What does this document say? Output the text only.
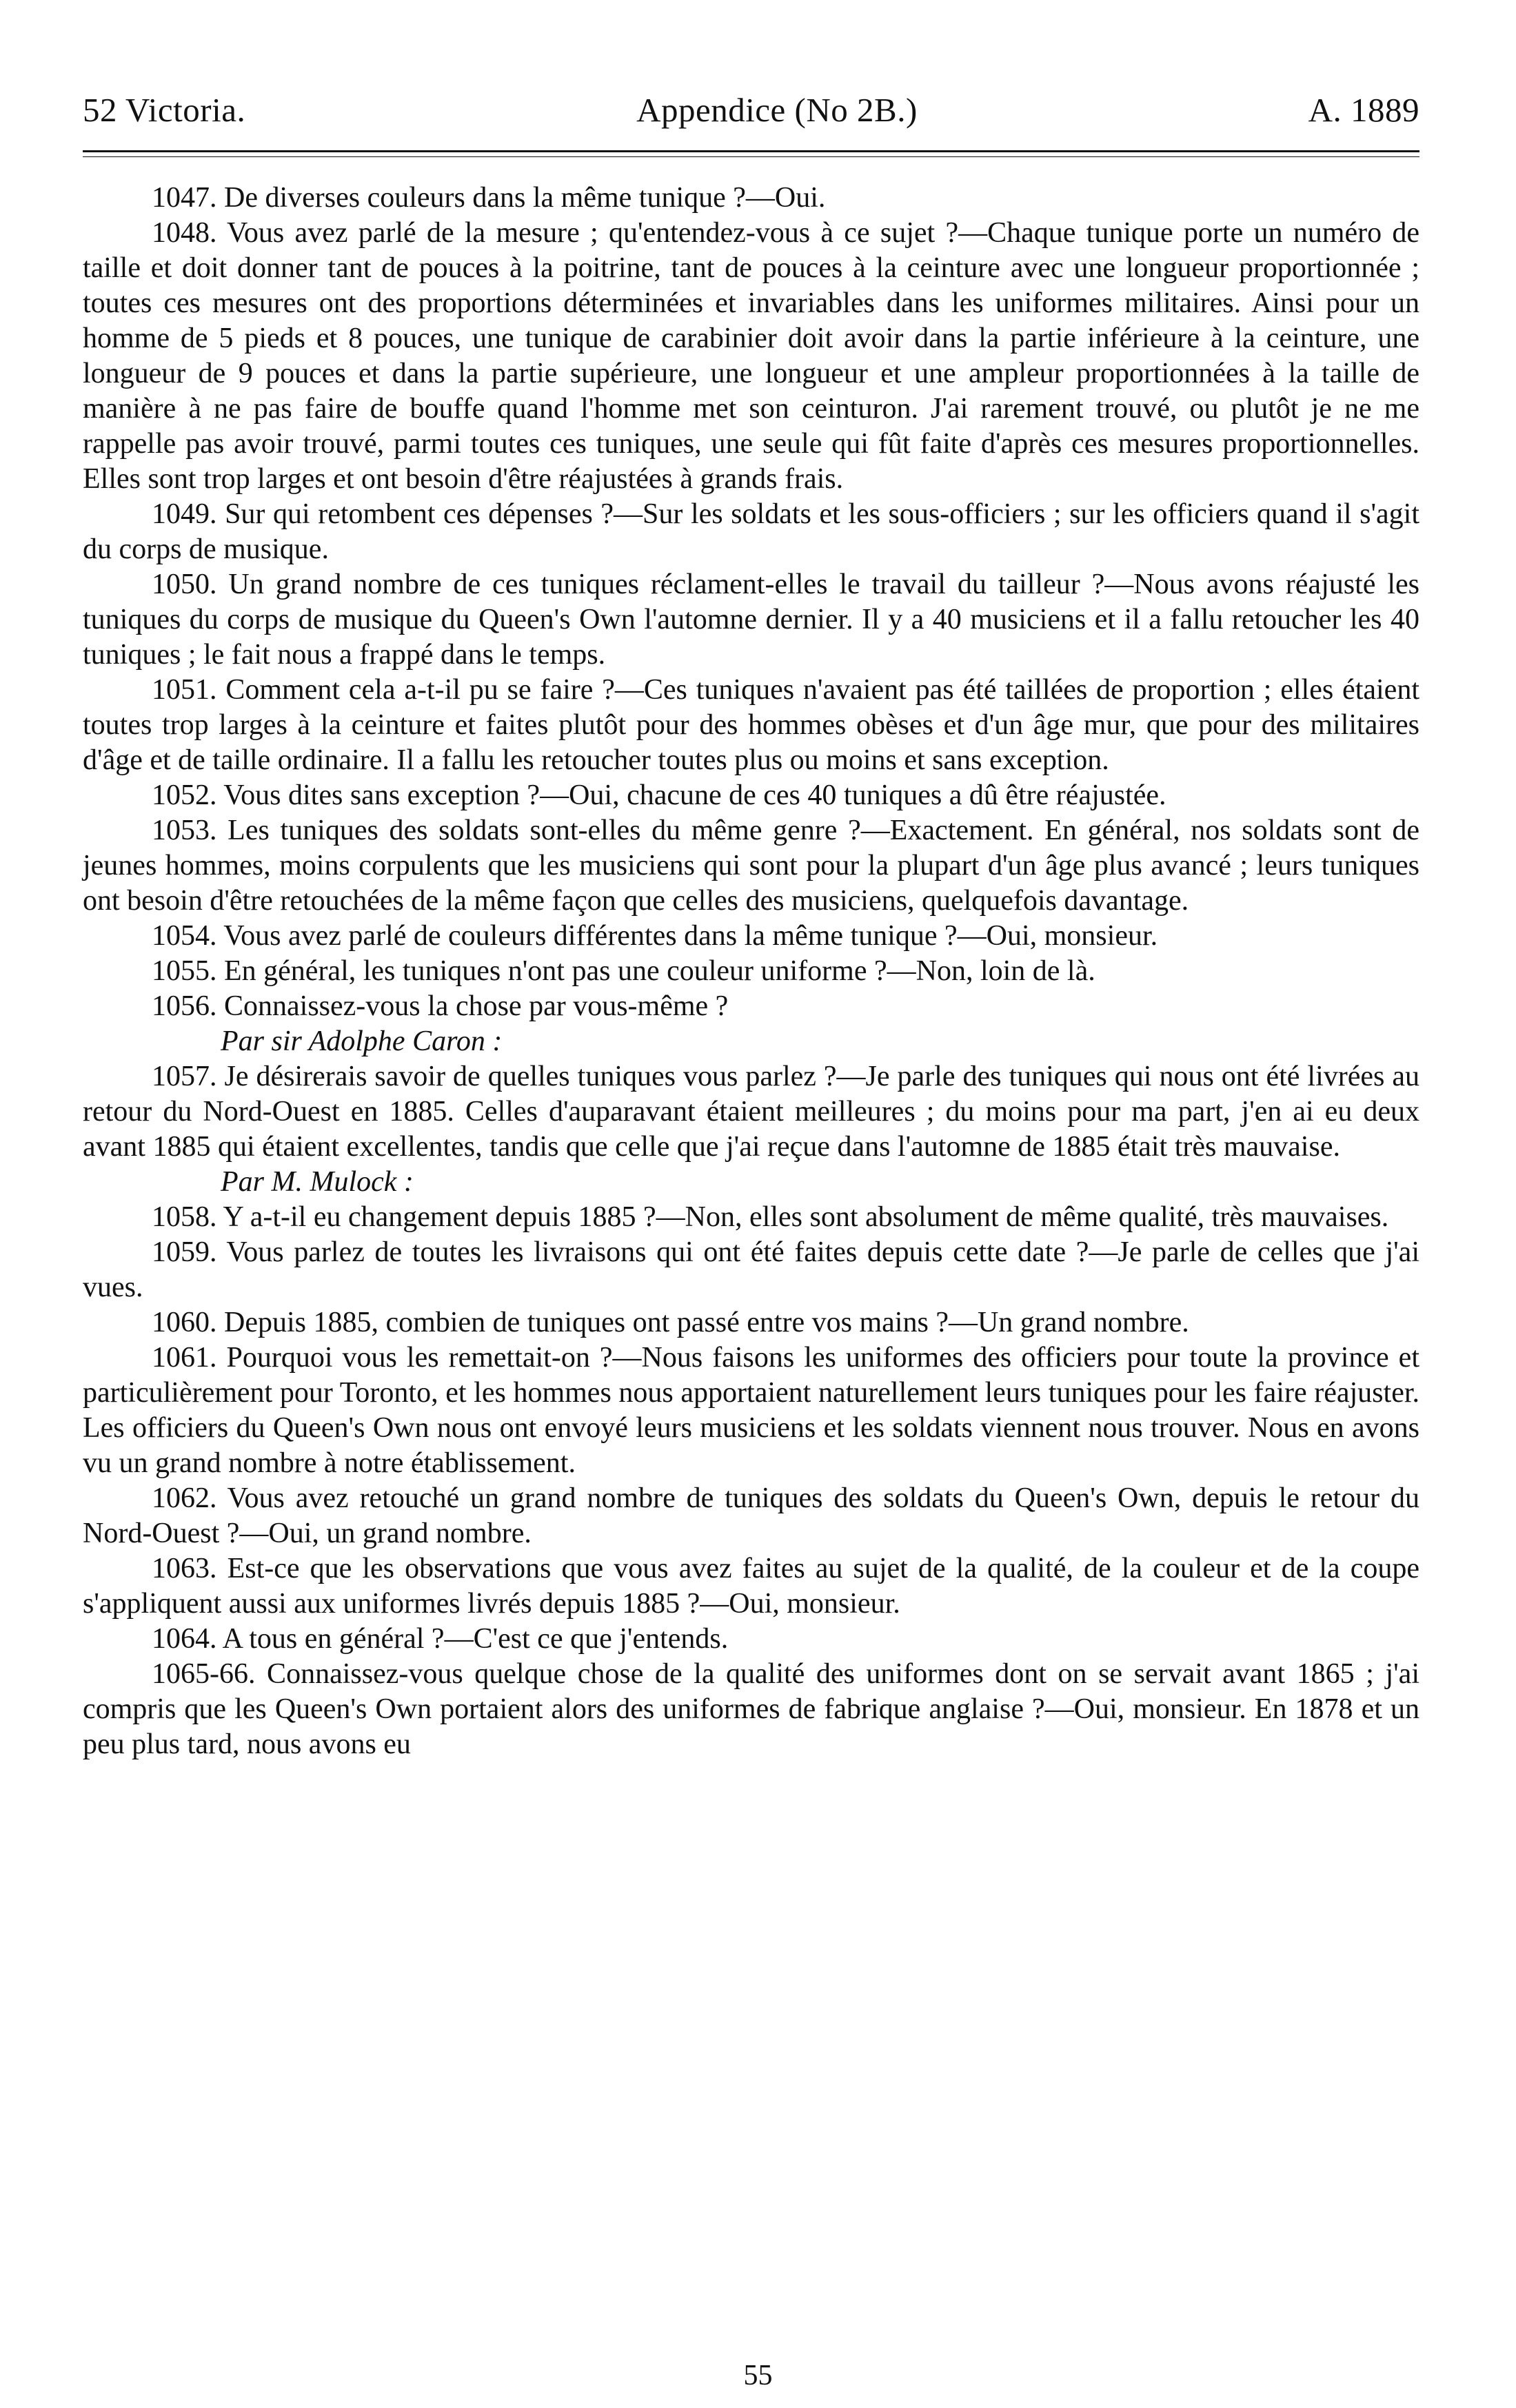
52 Victoria.	Appendice (No 2B.)	A. 1889

1047. De diverses couleurs dans la même tunique ?—Oui.

1048. Vous avez parlé de la mesure ; qu'entendez-vous à ce sujet ?—Chaque tunique porte un numéro de taille et doit donner tant de pouces à la poitrine, tant de pouces à la ceinture avec une longueur proportionnée ; toutes ces mesures ont des proportions déterminées et invariables dans les uniformes militaires. Ainsi pour un homme de 5 pieds et 8 pouces, une tunique de carabinier doit avoir dans la partie inférieure à la ceinture, une longueur de 9 pouces et dans la partie supérieure, une longueur et une ampleur proportionnées à la taille de manière à ne pas faire de bouffe quand l'homme met son ceinturon. J'ai rarement trouvé, ou plutôt je ne me rappelle pas avoir trouvé, parmi toutes ces tuniques, une seule qui fût faite d'après ces mesures proportionnelles. Elles sont trop larges et ont besoin d'être réajustées à grands frais.

1049. Sur qui retombent ces dépenses ?—Sur les soldats et les sous-officiers ; sur les officiers quand il s'agit du corps de musique.

1050. Un grand nombre de ces tuniques réclament-elles le travail du tailleur ?—Nous avons réajusté les tuniques du corps de musique du Queen's Own l'automne dernier. Il y a 40 musiciens et il a fallu retoucher les 40 tuniques ; le fait nous a frappé dans le temps.

1051. Comment cela a-t-il pu se faire ?—Ces tuniques n'avaient pas été taillées de proportion ; elles étaient toutes trop larges à la ceinture et faites plutôt pour des hommes obèses et d'un âge mur, que pour des militaires d'âge et de taille ordinaire. Il a fallu les retoucher toutes plus ou moins et sans exception.

1052. Vous dites sans exception ?—Oui, chacune de ces 40 tuniques a dû être réajustée.

1053. Les tuniques des soldats sont-elles du même genre ?—Exactement. En général, nos soldats sont de jeunes hommes, moins corpulents que les musiciens qui sont pour la plupart d'un âge plus avancé ; leurs tuniques ont besoin d'être retouchées de la même façon que celles des musiciens, quelquefois davantage.

1054. Vous avez parlé de couleurs différentes dans la même tunique ?—Oui, monsieur.

1055. En général, les tuniques n'ont pas une couleur uniforme ?—Non, loin de là.

1056. Connaissez-vous la chose par vous-même ?

Par sir Adolphe Caron :

1057. Je désirerais savoir de quelles tuniques vous parlez ?—Je parle des tuniques qui nous ont été livrées au retour du Nord-Ouest en 1885. Celles d'auparavant étaient meilleures ; du moins pour ma part, j'en ai eu deux avant 1885 qui étaient excellentes, tandis que celle que j'ai reçue dans l'automne de 1885 était très mauvaise.

Par M. Mulock :

1058. Y a-t-il eu changement depuis 1885 ?—Non, elles sont absolument de même qualité, très mauvaises.

1059. Vous parlez de toutes les livraisons qui ont été faites depuis cette date ?—Je parle de celles que j'ai vues.

1060. Depuis 1885, combien de tuniques ont passé entre vos mains ?—Un grand nombre.

1061. Pourquoi vous les remettait-on ?—Nous faisons les uniformes des officiers pour toute la province et particulièrement pour Toronto, et les hommes nous apportaient naturellement leurs tuniques pour les faire réajuster. Les officiers du Queen's Own nous ont envoyé leurs musiciens et les soldats viennent nous trouver. Nous en avons vu un grand nombre à notre établissement.

1062. Vous avez retouché un grand nombre de tuniques des soldats du Queen's Own, depuis le retour du Nord-Ouest ?—Oui, un grand nombre.

1063. Est-ce que les observations que vous avez faites au sujet de la qualité, de la couleur et de la coupe s'appliquent aussi aux uniformes livrés depuis 1885 ?—Oui, monsieur.

1064. A tous en général ?—C'est ce que j'entends.

1065-66. Connaissez-vous quelque chose de la qualité des uniformes dont on se servait avant 1865 ; j'ai compris que les Queen's Own portaient alors des uniformes de fabrique anglaise ?—Oui, monsieur. En 1878 et un peu plus tard, nous avons eu

55
